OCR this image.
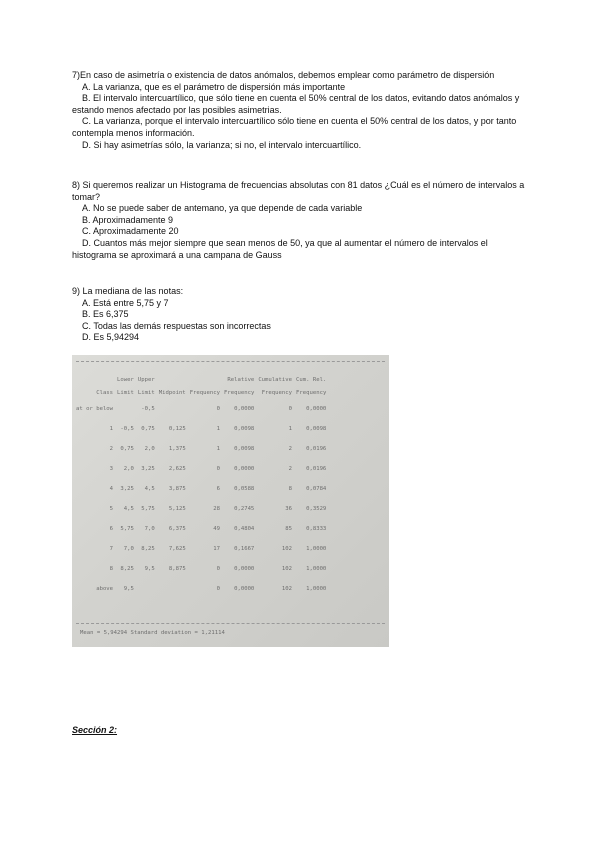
7)En caso de asimetría o existencia de datos anómalos, debemos emplear como parámetro de dispersión

A. La varianza, que es el parámetro de dispersión más importante

B. El intervalo intercuartílico, que sólo tiene en cuenta el 50% central de los datos, evitando datos anómalos y estando menos afectado por las posibles asimetrias.

C. La varianza, porque el intervalo intercuartílico sólo tiene en cuenta el 50% central de los datos, y por tanto contempla menos información.

D. Si hay asimetrías sólo, la varianza; si no, el intervalo intercuartílico.

8) Si queremos realizar un Histograma de frecuencias absolutas con 81 datos ¿Cuál es el número de intervalos a tomar?

A. No se puede saber de antemano, ya que depende de cada variable

B. Aproximadamente 9

C. Aproximadamente 20

D. Cuantos más mejor siempre que sean menos de 50, ya que al aumentar el número de intervalos el histograma se aproximará a una campana de Gauss

9) La mediana de las notas:

A. Está entre 5,75 y 7

B. Es 6,375

C. Todas las demás respuestas son incorrectas

D. Es 5,94294

	Lower	Upper			Relative	Cumulative	Cum. Rel.
Class	Limit	Limit	Midpoint	Frequency	Frequency	Frequency	Frequency
at or below		-0,5		0	0,0000	0	0,0000
1	-0,5	0,75	0,125	1	0,0098	1	0,0098
2	0,75	2,0	1,375	1	0,0098	2	0,0196
3	2,0	3,25	2,625	0	0,0000	2	0,0196
4	3,25	4,5	3,875	6	0,0588	8	0,0784
5	4,5	5,75	5,125	28	0,2745	36	0,3529
6	5,75	7,0	6,375	49	0,4804	85	0,8333
7	7,0	8,25	7,625	17	0,1667	102	1,0000
8	8,25	9,5	8,875	0	0,0000	102	1,0000
above	9,5			0	0,0000	102	1,0000
Mean = 5,94294 Standard deviation = 1,21114
Sección 2:
